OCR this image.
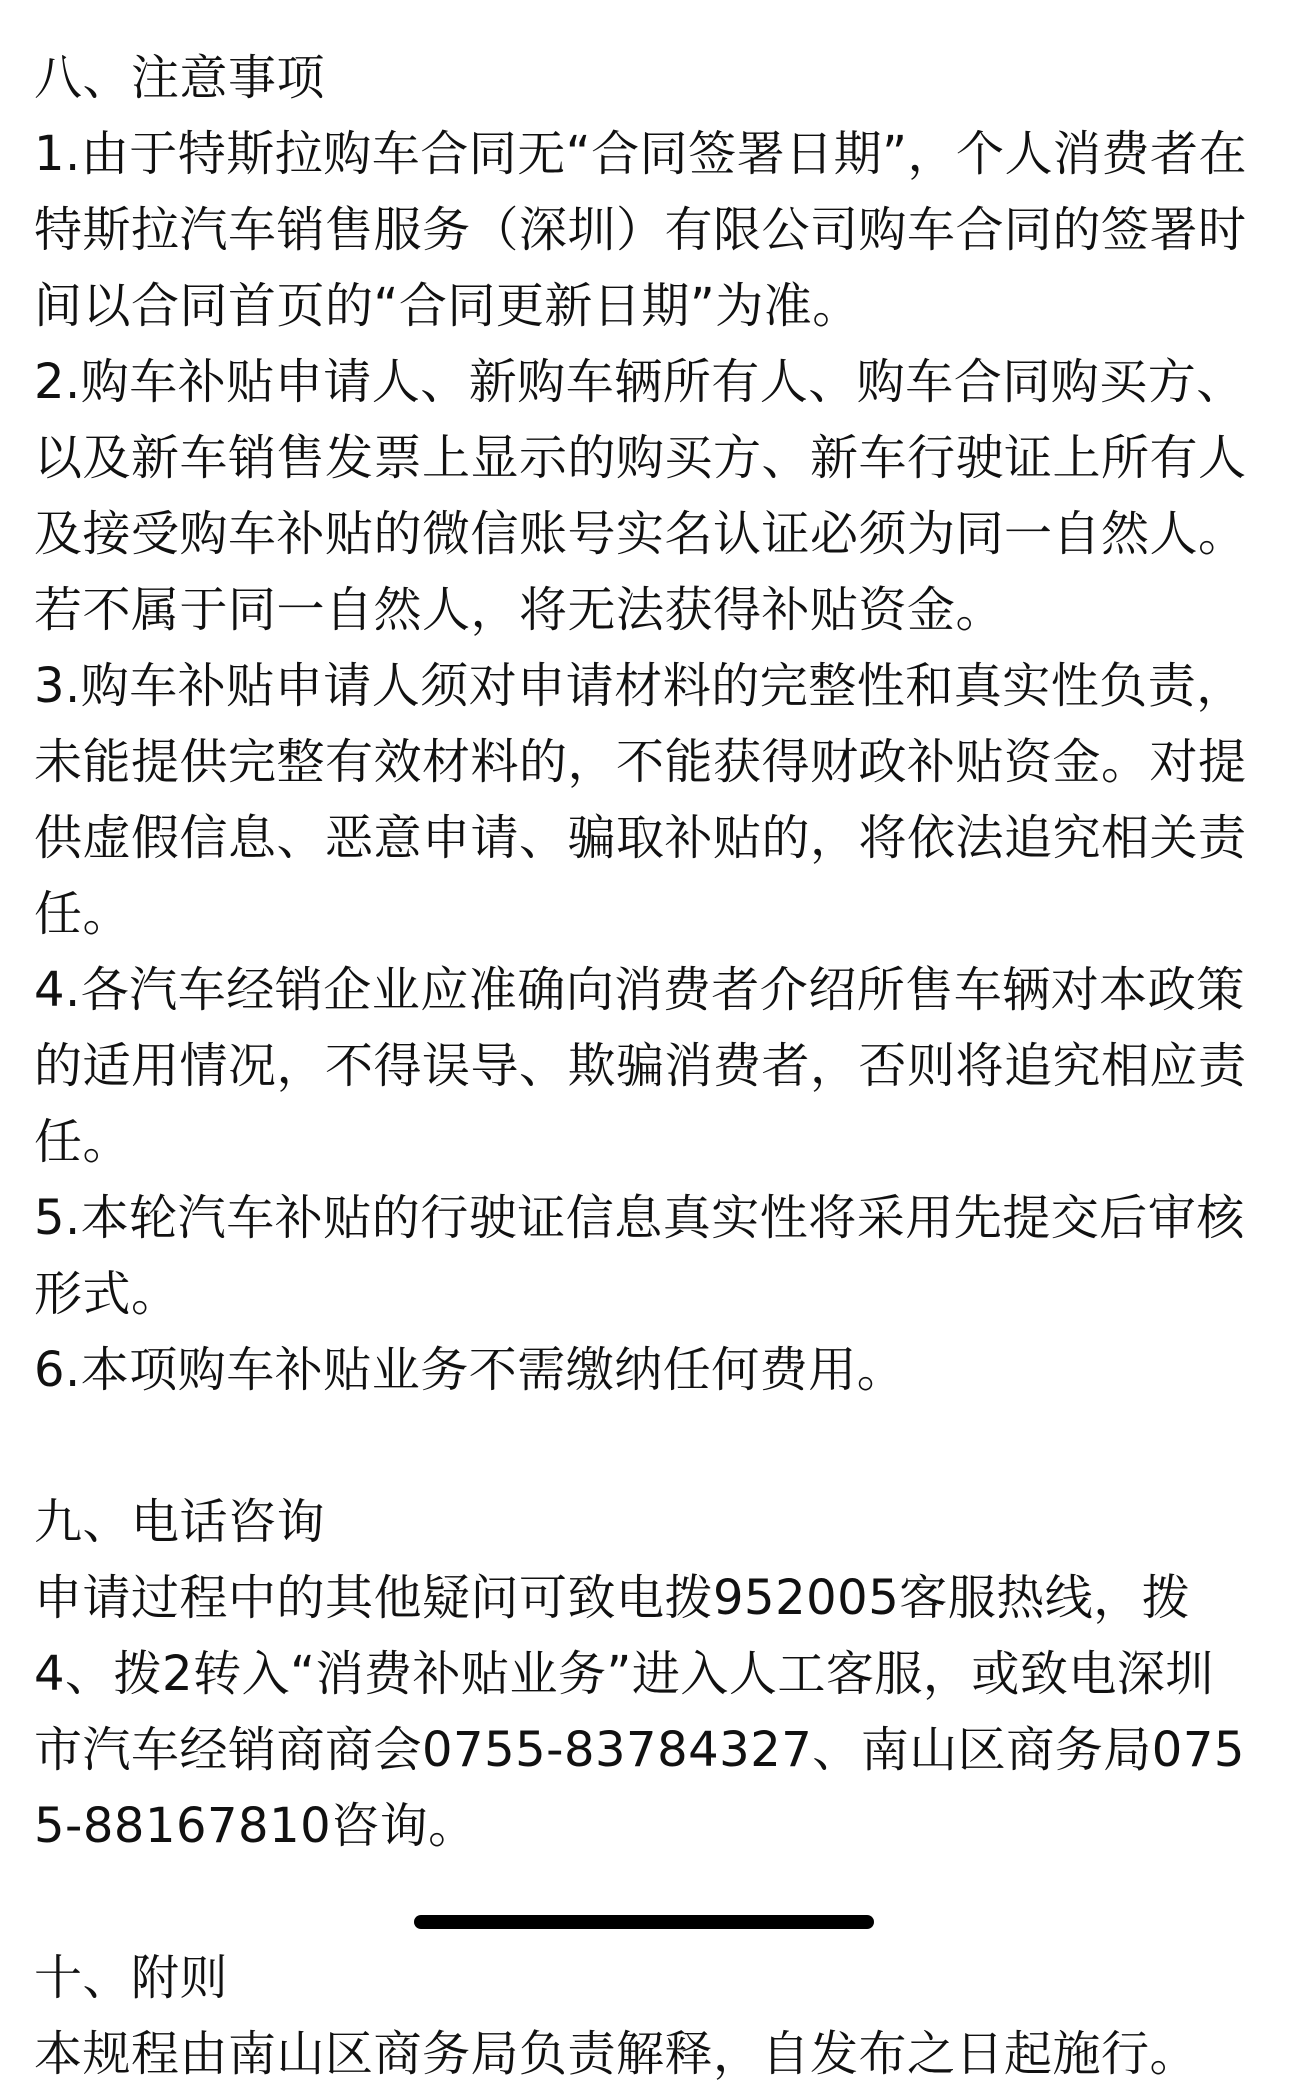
八、注意事项

1.由于特斯拉购车合同无“合同签署日期”，个人消费者在特斯拉汽车销售服务（深圳）有限公司购车合同的签署时间以合同首页的“合同更新日期”为准。

2.购车补贴申请人、新购车辆所有人、购车合同购买方、以及新车销售发票上显示的购买方、新车行驶证上所有人及接受购车补贴的微信账号实名认证必须为同一自然人。若不属于同一自然人，将无法获得补贴资金。

3.购车补贴申请人须对申请材料的完整性和真实性负责，未能提供完整有效材料的，不能获得财政补贴资金。对提供虚假信息、恶意申请、骗取补贴的，将依法追究相关责任。

4.各汽车经销企业应准确向消费者介绍所售车辆对本政策的适用情况，不得误导、欺骗消费者，否则将追究相应责任。

5.本轮汽车补贴的行驶证信息真实性将采用先提交后审核形式。

6.本项购车补贴业务不需缴纳任何费用。

九、电话咨询

申请过程中的其他疑问可致电拨952005客服热线，拨4、拨2转入“消费补贴业务”进入人工客服，或致电深圳市汽车经销商商会0755-83784327、南山区商务局0755-88167810咨询。

十、附则

本规程由南山区商务局负责解释，自发布之日起施行。
